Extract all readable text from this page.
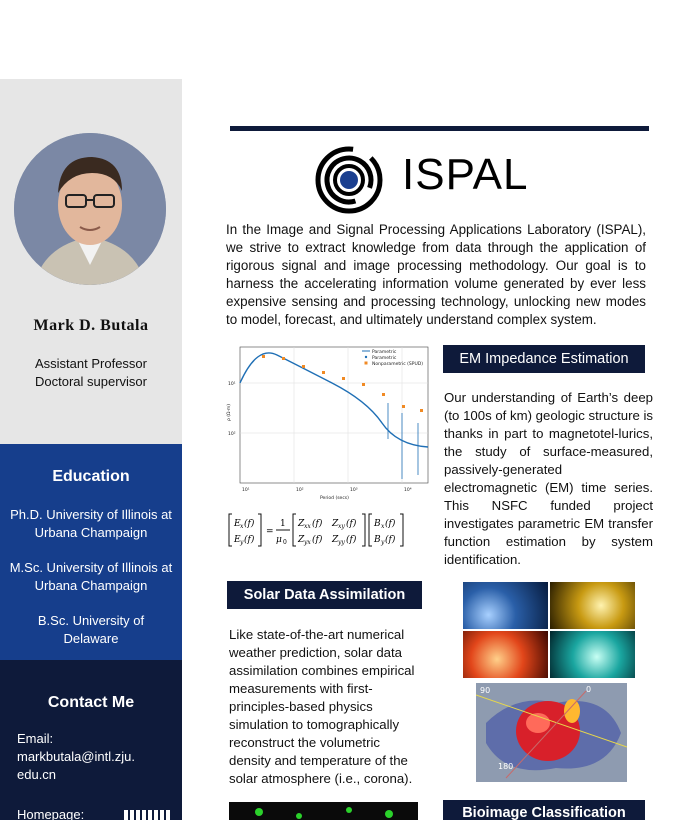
Mark D. Butala
Assistant Professor
Doctoral supervisor
Education
Ph.D. University of Illinois at Urbana Champaign
M.Sc. University of Illinois at Urbana Champaign
B.Sc. University of Delaware
Contact Me
Email:
markbutala@intl.zju.
edu.cn
Homepage:
ISPAL
In the Image and Signal Processing Applications Laboratory (ISPAL), we strive to extract knowledge from data through the application of rigorous signal and image processing methodology. Our goal is to harness the accelerating information volume generated by ever less expensive sensing and processing technology, unlocking new modes to model, forecast, and ultimately understand complex system.
Parametric
Parametric
Nonparametric (SPUD)
10¹	10²	10³	10⁴
Period (secs)
10¹
10²
ρ (Ω·m)
E x (f)
E y (f)
=
1
μ 0
Z xx (f) Z xy (f)
Z yx (f) Z yy (f)
B x (f)
B y (f)
EM Impedance Estimation
Our understanding of Earth’s deep (to 100s of km) geologic structure is thanks in part to magnetotel-lurics, the study of surface-measured, passively-generated electromagnetic (EM) time series. This NSFC funded project investigates parametric EM transfer function estimation by system identification.
Solar Data Assimilation
Like state-of-the-art numerical weather prediction, solar data assimilation combines empirical measurements with first-principles-based physics simulation to tomographically reconstruct the volumetric density and temperature of the solar atmosphere (i.e., corona).
90	0
180
Bioimage Classification
